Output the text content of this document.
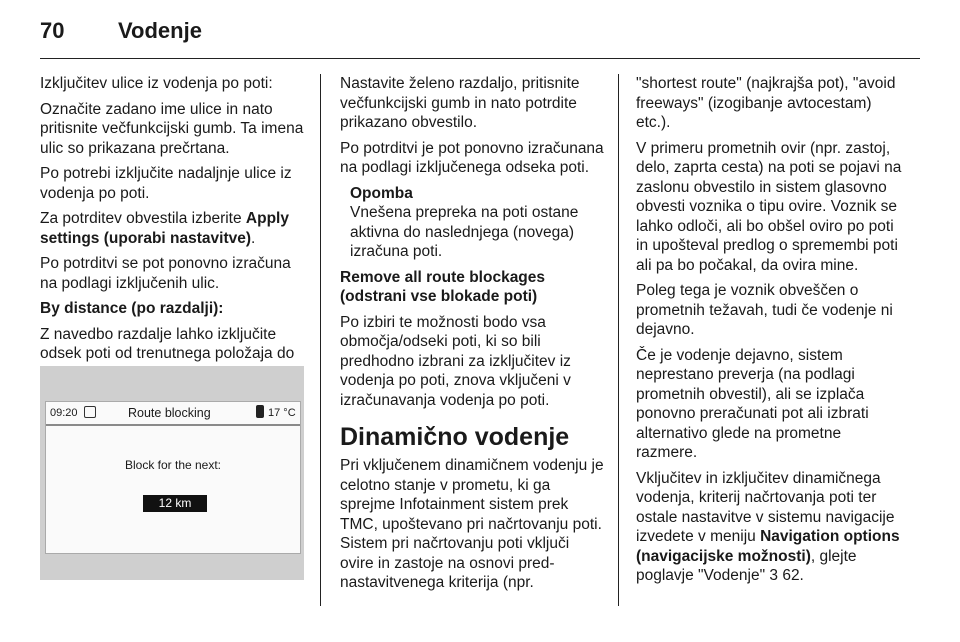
70 Vodenje

Izključitev ulice iz vodenja po poti:

Označite zadano ime ulice in nato pritisnite večfunkcijski gumb. Ta imena ulic so prikazana prečrtana.

Po potrebi izključite nadaljnje ulice iz vodenja po poti.

Za potrditev obvestila izberite Apply settings (uporabi nastavitve).

Po potrditvi se pot ponovno izračuna na podlagi izključenih ulic.

By distance (po razdalji):

Z navedbo razdalje lahko izključite odsek poti od trenutnega položaja do

09:20	Route blocking	17 °C
Block for the next:
12 km

Nastavite želeno razdaljo, pritisnite večfunkcijski gumb in nato potrdite prikazano obvestilo.

Po potrditvi je pot ponovno izračunana na podlagi izključenega odseka poti.

Opomba
Vnešena prepreka na poti ostane aktivna do naslednjega (novega) izračuna poti.

Remove all route blockages (odstrani vse blokade poti)

Po izbiri te možnosti bodo vsa območja/odseki poti, ki so bili predhodno izbrani za izključitev iz vodenja po poti, znova vključeni v izračunavanja vodenja po poti.

Dinamično vodenje

Pri vključenem dinamičnem vodenju je celotno stanje v prometu, ki ga sprejme Infotainment sistem prek TMC, upoštevano pri načrtovanju poti. Sistem pri načrtovanju poti vključi ovire in zastoje na osnovi pred-nastavitvenega kriterija (npr.

"shortest route" (najkrajša pot), "avoid freeways" (izogibanje avtocestam) etc.).

V primeru prometnih ovir (npr. zastoj, delo, zaprta cesta) na poti se pojavi na zaslonu obvestilo in sistem glasovno obvesti voznika o tipu ovire. Voznik se lahko odloči, ali bo obšel oviro po poti in upošteval predlog o spremembi poti ali pa bo počakal, da ovira mine.

Poleg tega je voznik obveščen o prometnih težavah, tudi če vodenje ni dejavno.

Če je vodenje dejavno, sistem neprestano preverja (na podlagi prometnih obvestil), ali se izplača ponovno preračunati pot ali izbrati alternativo glede na prometne razmere.

Vključitev in izključitev dinamičnega vodenja, kriterij načrtovanja poti ter ostale nastavitve v sistemu navigacije izvedete v meniju Navigation options (navigacijske možnosti), glejte poglavje "Vodenje" 3 62.
